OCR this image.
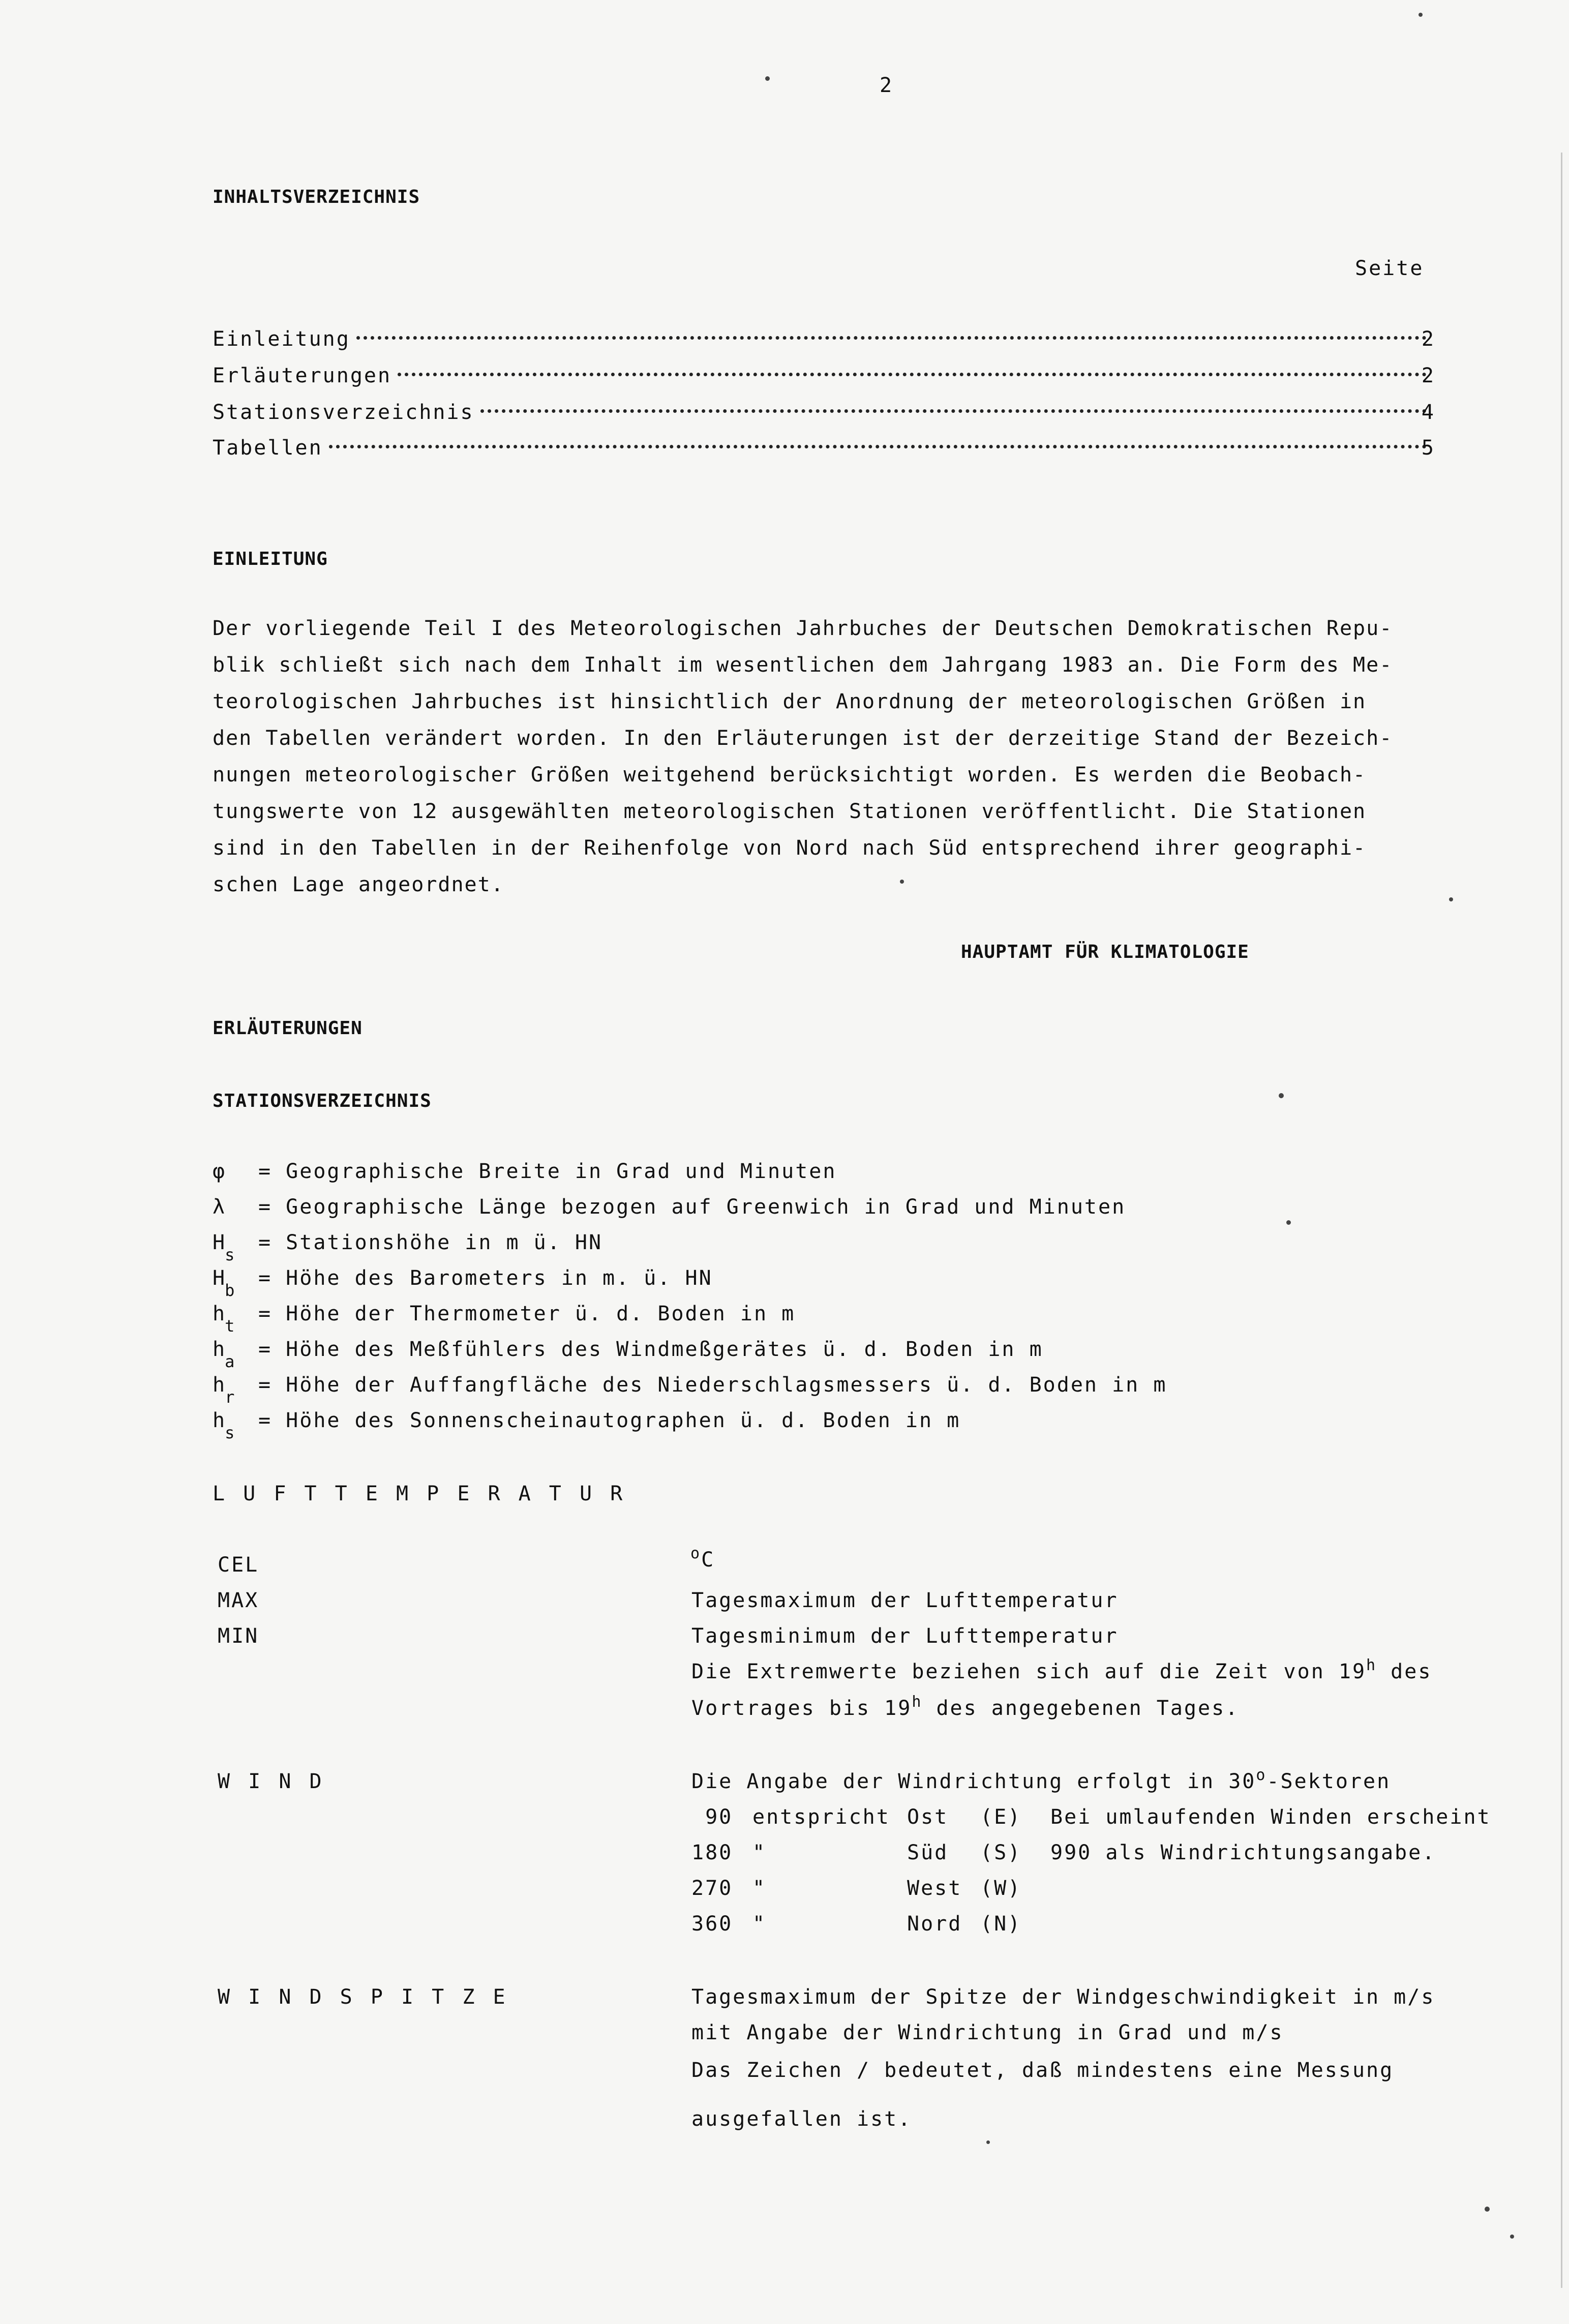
2
INHALTSVERZEICHNIS
Seite
Einleitung	2
Erläuterungen	2
Stationsverzeichnis	4
Tabellen	5
EINLEITUNG
Der vorliegende Teil I des Meteorologischen Jahrbuches der Deutschen Demokratischen Repu-
blik schließt sich nach dem Inhalt im wesentlichen dem Jahrgang 1983 an. Die Form des Me-
teorologischen Jahrbuches ist hinsichtlich der Anordnung der meteorologischen Größen in
den Tabellen verändert worden. In den Erläuterungen ist der derzeitige Stand der Bezeich-
nungen meteorologischer Größen weitgehend berücksichtigt worden. Es werden die Beobach-
tungswerte von 12 ausgewählten meteorologischen Stationen veröffentlicht. Die Stationen
sind in den Tabellen in der Reihenfolge von Nord nach Süd entsprechend ihrer geographi-
schen Lage angeordnet.
HAUPTAMT FÜR KLIMATOLOGIE
ERLÄUTERUNGEN
STATIONSVERZEICHNIS
φ	= Geographische Breite in Grad und Minuten
λ	= Geographische Länge bezogen auf Greenwich in Grad und Minuten
$H_s$
= Stationshöhe in m ü. HN
$H_b$
= Höhe des Barometers in m. ü. HN
$h_t$
= Höhe der Thermometer ü. d. Boden in m
$h_a$
= Höhe des Meßfühlers des Windmeßgerätes ü. d. Boden in m
$h_r$
= Höhe der Auffangfläche des Niederschlagsmessers ü. d. Boden in m
$h_s$
= Höhe des Sonnenscheinautographen ü. d. Boden in m
L U F T T E M P E R A T U R
CEL	$^o$C
MAX	Tagesmaximum der Lufttemperatur
MIN	Tagesminimum der Lufttemperatur
Die Extremwerte beziehen sich auf die Zeit von 19$^h$ des
Vortrages bis 19$^h$ des angegebenen Tages.
W I N D	Die Angabe der Windrichtung erfolgt in 30$^o$-Sektoren
90 entspricht Ost (E) Bei umlaufenden Winden erscheint
180 "	Süd (S) 990 als Windrichtungsangabe.
270 "	West (W)
360 "	Nord (N)
W I N D S P I T Z E	Tagesmaximum der Spitze der Windgeschwindigkeit in m/s
mit Angabe der Windrichtung in Grad und m/s
Das Zeichen / bedeutet, daß mindestens eine Messung
ausgefallen ist.
